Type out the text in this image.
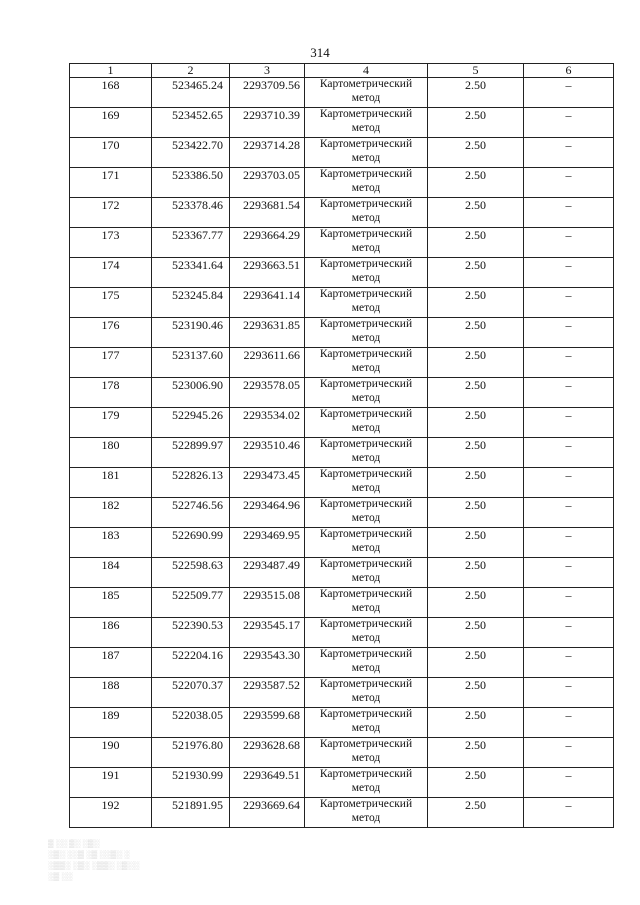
314
1	2	3	4	5	6
168	523465.24	2293709.56	Картометрический метод	2.50	–
169	523452.65	2293710.39	Картометрический метод	2.50	–
170	523422.70	2293714.28	Картометрический метод	2.50	–
171	523386.50	2293703.05	Картометрический метод	2.50	–
172	523378.46	2293681.54	Картометрический метод	2.50	–
173	523367.77	2293664.29	Картометрический метод	2.50	–
174	523341.64	2293663.51	Картометрический метод	2.50	–
175	523245.84	2293641.14	Картометрический метод	2.50	–
176	523190.46	2293631.85	Картометрический метод	2.50	–
177	523137.60	2293611.66	Картометрический метод	2.50	–
178	523006.90	2293578.05	Картометрический метод	2.50	–
179	522945.26	2293534.02	Картометрический метод	2.50	–
180	522899.97	2293510.46	Картометрический метод	2.50	–
181	522826.13	2293473.45	Картометрический метод	2.50	–
182	522746.56	2293464.96	Картометрический метод	2.50	–
183	522690.99	2293469.95	Картометрический метод	2.50	–
184	522598.63	2293487.49	Картометрический метод	2.50	–
185	522509.77	2293515.08	Картометрический метод	2.50	–
186	522390.53	2293545.17	Картометрический метод	2.50	–
187	522204.16	2293543.30	Картометрический метод	2.50	–
188	522070.37	2293587.52	Картометрический метод	2.50	–
189	522038.05	2293599.68	Картометрический метод	2.50	–
190	521976.80	2293628.68	Картометрический метод	2.50	–
191	521930.99	2293649.51	Картометрический метод	2.50	–
192	521891.95	2293669.64	Картометрический метод	2.50	–
▒ ░░ ▒░ ░▒░
░▒░ ░░▒ ░▒ ░░▒░ ░
░▒▒░ ░▒░ ░▒▒░ ░▒░░
░▒ ░░
